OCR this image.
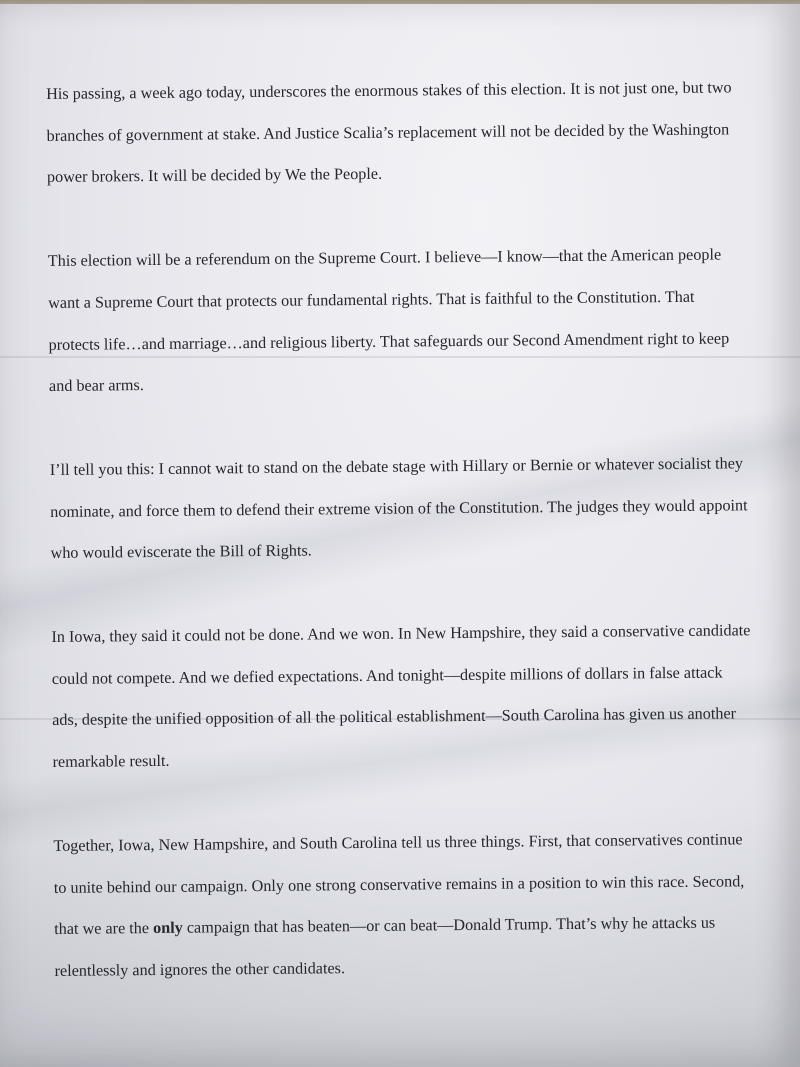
His passing, a week ago today, underscores the enormous stakes of this election. It is not just one, but two branches of government at stake. And Justice Scalia’s replacement will not be decided by the Washington power brokers. It will be decided by We the People.

This election will be a referendum on the Supreme Court. I believe—I know—that the American people want a Supreme Court that protects our fundamental rights. That is faithful to the Constitution. That protects life…and marriage…and religious liberty. That safeguards our Second Amendment right to keep and bear arms.

I’ll tell you this: I cannot wait to stand on the debate stage with Hillary or Bernie or whatever socialist they nominate, and force them to defend their extreme vision of the Constitution. The judges they would appoint who would eviscerate the Bill of Rights.

In Iowa, they said it could not be done. And we won. In New Hampshire, they said a conservative candidate could not compete. And we defied expectations. And tonight—despite millions of dollars in false attack ads, despite the unified opposition of all the political establishment—South Carolina has given us another remarkable result.

Together, Iowa, New Hampshire, and South Carolina tell us three things. First, that conservatives continue to unite behind our campaign. Only one strong conservative remains in a position to win this race. Second, that we are the only campaign that has beaten—or can beat—Donald Trump. That’s why he attacks us relentlessly and ignores the other candidates.
